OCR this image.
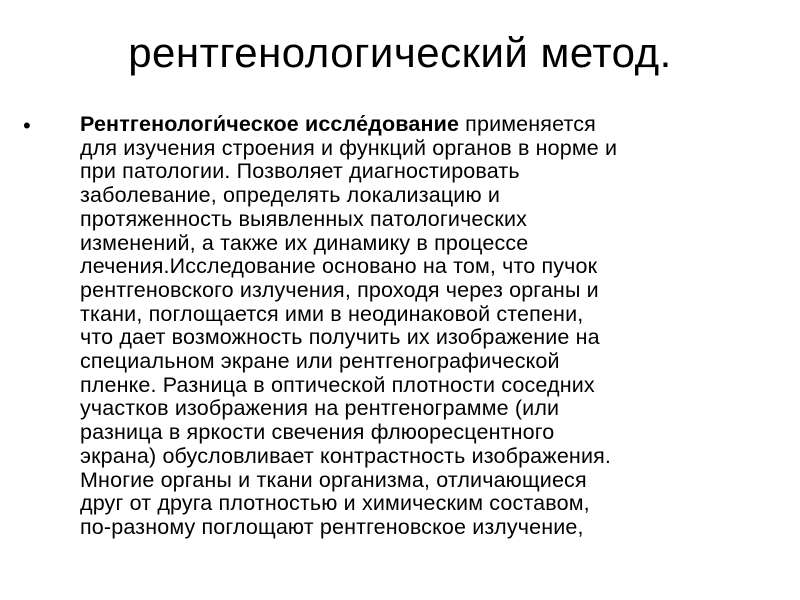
рентгенологический метод.
• Рентгенологи́ческое иссле́дование применяется
для изучения строения и функций органов в норме и
при патологии. Позволяет диагностировать
заболевание, определять локализацию и
протяженность выявленных патологических
изменений, а также их динамику в процессе
лечения.Исследование основано на том, что пучок
рентгеновского излучения, проходя через органы и
ткани, поглощается ими в неодинаковой степени,
что дает возможность получить их изображение на
специальном экране или рентгенографической
пленке. Разница в оптической плотности соседних
участков изображения на рентгенограмме (или
разница в яркости свечения флюоресцентного
экрана) обусловливает контрастность изображения.
Многие органы и ткани организма, отличающиеся
друг от друга плотностью и химическим составом,
по-разному поглощают рентгеновское излучение,
